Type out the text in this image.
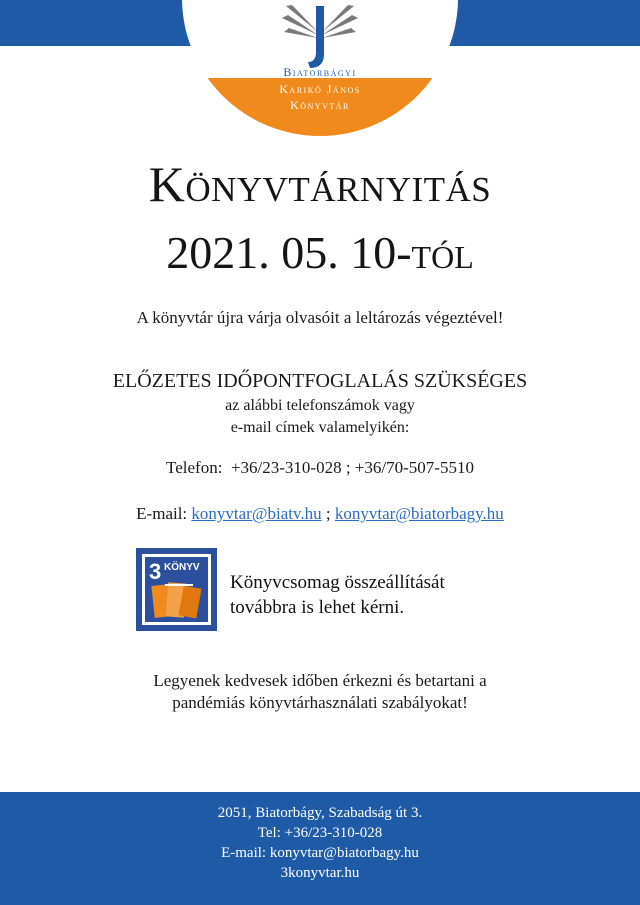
Biatorbágyi
Karikó János
Könyvtár
Könyvtárnyitás
2021. 05. 10-tól
A könyvtár újra várja olvasóit a leltározás végeztével!
ELŐZETES IDŐPONTFOGLALÁS SZÜKSÉGES
az alábbi telefonszámok vagy
e-mail címek valamelyikén:
Telefon: +36/23-310-028 ; +36/70-507-5510
E-mail: konyvtar@biatv.hu ; konyvtar@biatorbagy.hu
3 KÖNYV
Könyvcsomag összeállítását
továbbra is lehet kérni.
Legyenek kedvesek időben érkezni és betartani a
pandémiás könyvtárhasználati szabályokat!
2051, Biatorbágy, Szabadság út 3.
Tel: +36/23-310-028
E-mail: konyvtar@biatorbagy.hu
3konyvtar.hu
